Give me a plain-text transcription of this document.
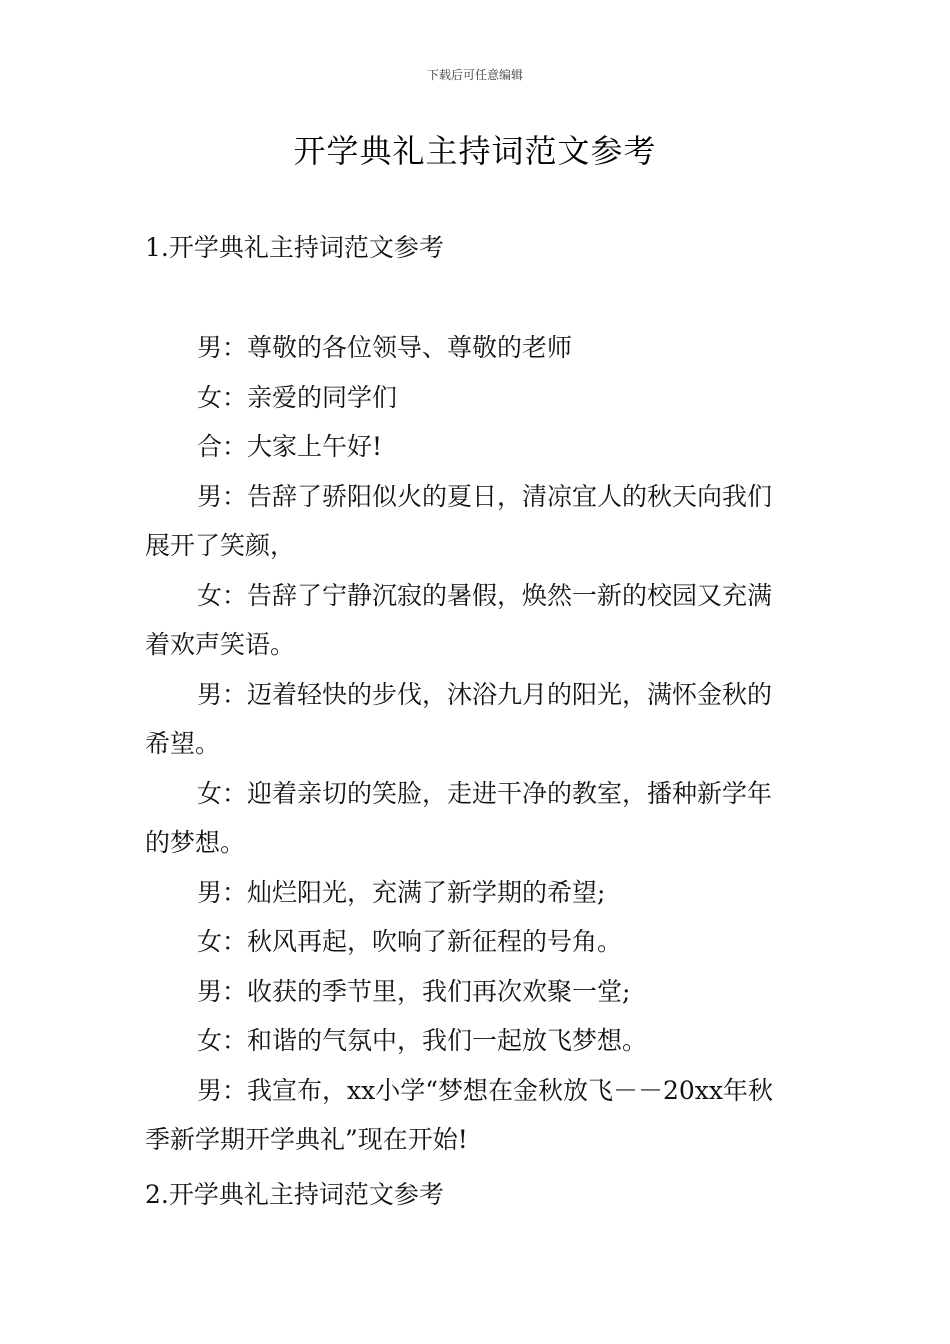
下载后可任意编辑
开学典礼主持词范文参考
1.开学典礼主持词范文参考
男：尊敬的各位领导、尊敬的老师
女：亲爱的同学们
合：大家上午好!
男：告辞了骄阳似火的夏日，清凉宜人的秋天向我们
展开了笑颜，
女：告辞了宁静沉寂的暑假，焕然一新的校园又充满
着欢声笑语。
男：迈着轻快的步伐，沐浴九月的阳光，满怀金秋的
希望。
女：迎着亲切的笑脸，走进干净的教室，播种新学年
的梦想。
男：灿烂阳光，充满了新学期的希望;
女：秋风再起，吹响了新征程的号角。
男：收获的季节里，我们再次欢聚一堂;
女：和谐的气氛中，我们一起放飞梦想。
男：我宣布，xx小学“梦想在金秋放飞－－20xx年秋
季新学期开学典礼”现在开始!
2.开学典礼主持词范文参考
